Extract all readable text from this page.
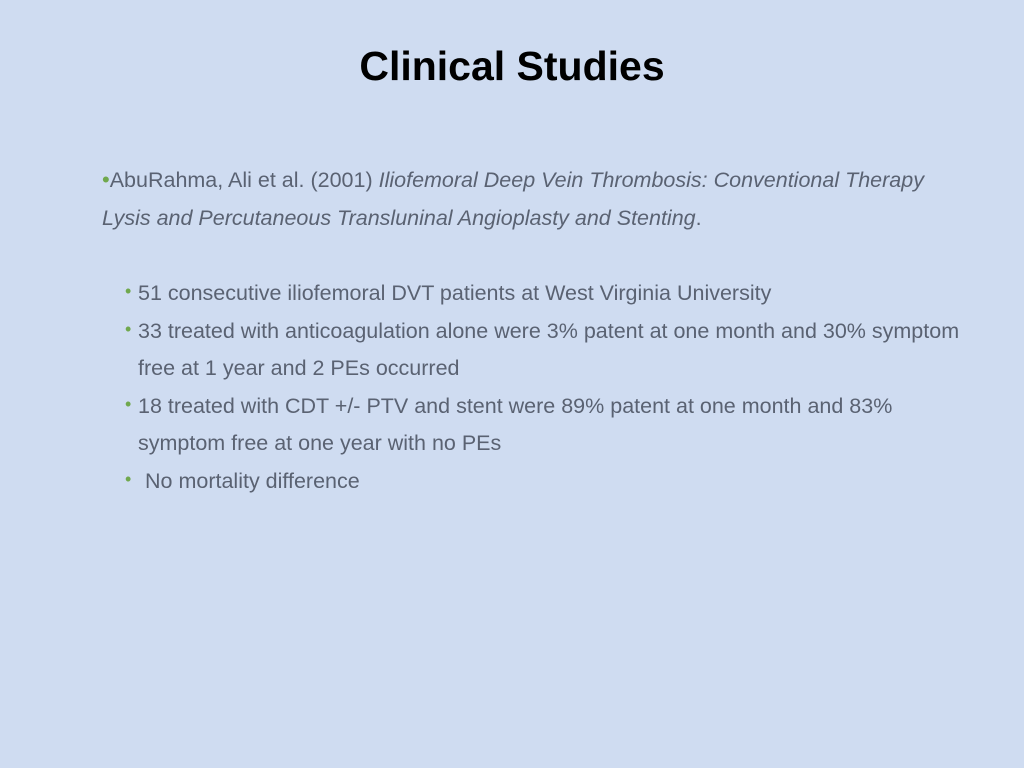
Clinical Studies

•AbuRahma, Ali et al. (2001) Iliofemoral Deep Vein Thrombosis: Conventional Therapy Lysis and Percutaneous Transluninal Angioplasty and Stenting.

• 51 consecutive iliofemoral DVT patients at West Virginia University
• 33 treated with anticoagulation alone were 3% patent at one month and 30% symptom free at 1 year and 2 PEs occurred
• 18 treated with CDT +/- PTV and stent were 89% patent at one month and 83% symptom free at one year with no PEs
• No mortality difference
